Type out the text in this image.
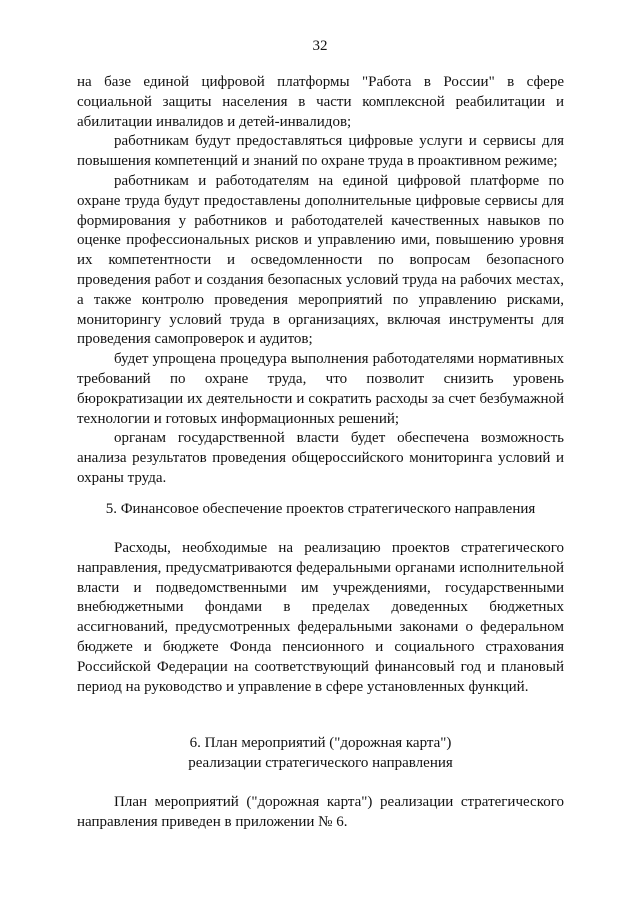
32

на базе единой цифровой платформы "Работа в России" в сфере социальной защиты населения в части комплексной реабилитации и абилитации инвалидов и детей-инвалидов;

работникам будут предоставляться цифровые услуги и сервисы для повышения компетенций и знаний по охране труда в проактивном режиме;

работникам и работодателям на единой цифровой платформе по охране труда будут предоставлены дополнительные цифровые сервисы для формирования у работников и работодателей качественных навыков по оценке профессиональных рисков и управлению ими, повышению уровня их компетентности и осведомленности по вопросам безопасного проведения работ и создания безопасных условий труда на рабочих местах, а также контролю проведения мероприятий по управлению рисками, мониторингу условий труда в организациях, включая инструменты для проведения самопроверок и аудитов;

будет упрощена процедура выполнения работодателями нормативных требований по охране труда, что позволит снизить уровень бюрократизации их деятельности и сократить расходы за счет безбумажной технологии и готовых информационных решений;

органам государственной власти будет обеспечена возможность анализа результатов проведения общероссийского мониторинга условий и охраны труда.

5. Финансовое обеспечение проектов стратегического направления

Расходы, необходимые на реализацию проектов стратегического направления, предусматриваются федеральными органами исполнительной власти и подведомственными им учреждениями, государственными внебюджетными фондами в пределах доведенных бюджетных ассигнований, предусмотренных федеральными законами о федеральном бюджете и бюджете Фонда пенсионного и социального страхования Российской Федерации на соответствующий финансовый год и плановый период на руководство и управление в сфере установленных функций.

6. План мероприятий ("дорожная карта")
реализации стратегического направления

План мероприятий ("дорожная карта") реализации стратегического направления приведен в приложении № 6.
